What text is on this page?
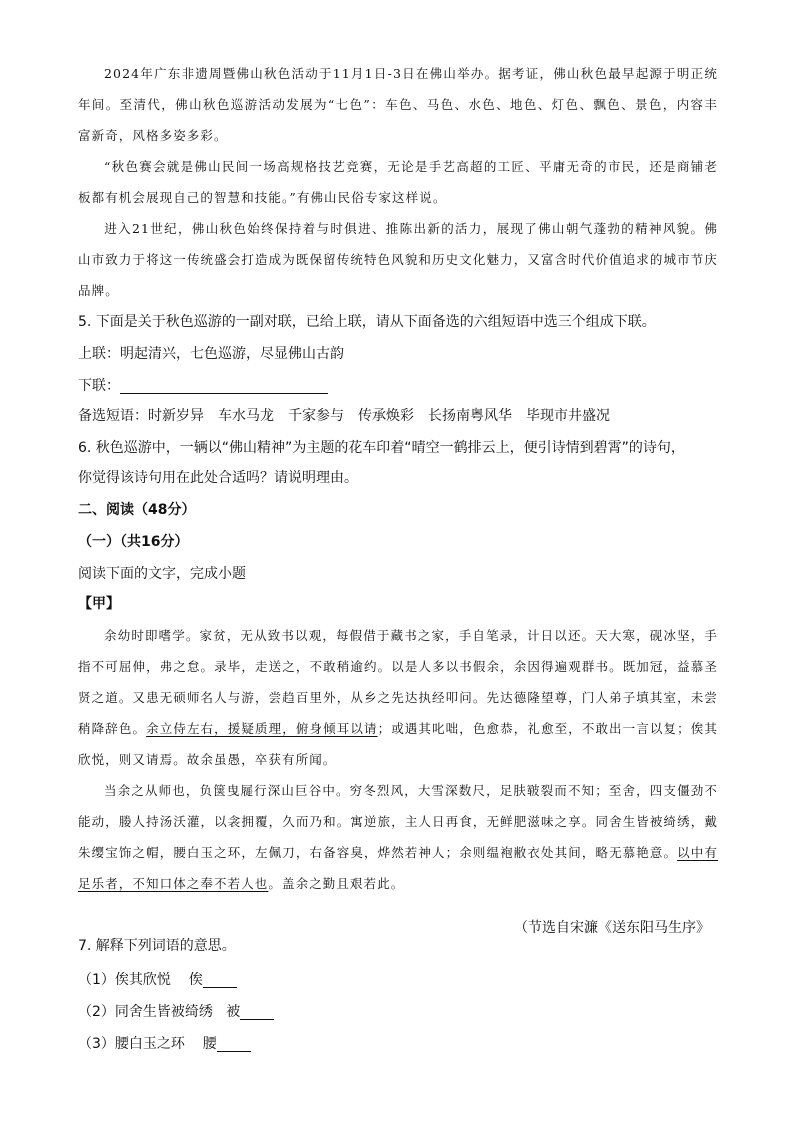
2024年广东非遗周暨佛山秋色活动于11月1日-3日在佛山举办。据考证，佛山秋色最早起源于明正统年间。至清代，佛山秋色巡游活动发展为“七色”：车色、马色、水色、地色、灯色、飘色、景色，内容丰富新奇，风格多姿多彩。

“秋色赛会就是佛山民间一场高规格技艺竞赛，无论是手艺高超的工匠、平庸无奇的市民，还是商铺老板都有机会展现自己的智慧和技能。”有佛山民俗专家这样说。

进入21世纪，佛山秋色始终保持着与时俱进、推陈出新的活力，展现了佛山朝气蓬勃的精神风貌。佛山市致力于将这一传统盛会打造成为既保留传统特色风貌和历史文化魅力，又富含时代价值追求的城市节庆品牌。

5. 下面是关于秋色巡游的一副对联，已给上联，请从下面备选的六组短语中选三个组成下联。

上联：明起清兴，七色巡游，尽显佛山古韵

下联：

备选短语：时新岁异 车水马龙 千家参与 传承焕彩 长扬南粤风华 毕现市井盛况

6. 秋色巡游中，一辆以“佛山精神”为主题的花车印着“晴空一鹤排云上，便引诗情到碧霄”的诗句，

你觉得该诗句用在此处合适吗？请说明理由。

二、阅读（48分）

（一）（共16分）

阅读下面的文字，完成小题

【甲】

余幼时即嗜学。家贫，无从致书以观，每假借于藏书之家，手自笔录，计日以还。天大寒，砚冰坚，手指不可屈伸，弗之怠。录毕，走送之，不敢稍逾约。以是人多以书假余，余因得遍观群书。既加冠，益慕圣贤之道。又患无硕师名人与游，尝趋百里外，从乡之先达执经叩问。先达德隆望尊，门人弟子填其室，未尝稍降辞色。余立侍左右，援疑质理，俯身倾耳以请；或遇其叱咄，色愈恭，礼愈至，不敢出一言以复；俟其欣悦，则又请焉。故余虽愚，卒获有所闻。

当余之从师也，负箧曳屣行深山巨谷中。穷冬烈风，大雪深数尺，足肤皲裂而不知；至舍，四支僵劲不能动，媵人持汤沃灌，以衾拥覆，久而乃和。寓逆旅，主人日再食，无鲜肥滋味之享。同舍生皆被绮绣，戴朱缨宝饰之帽，腰白玉之环，左佩刀，右备容臭，烨然若神人；余则缊袍敝衣处其间，略无慕艳意。以中有足乐者，不知口体之奉不若人也。盖余之勤且艰若此。

（节选自宋濂《送东阳马生序》

7. 解释下列词语的意思。

（1）俟其欣悦 俟

（2）同舍生皆被绮绣 被

（3）腰白玉之环 腰
